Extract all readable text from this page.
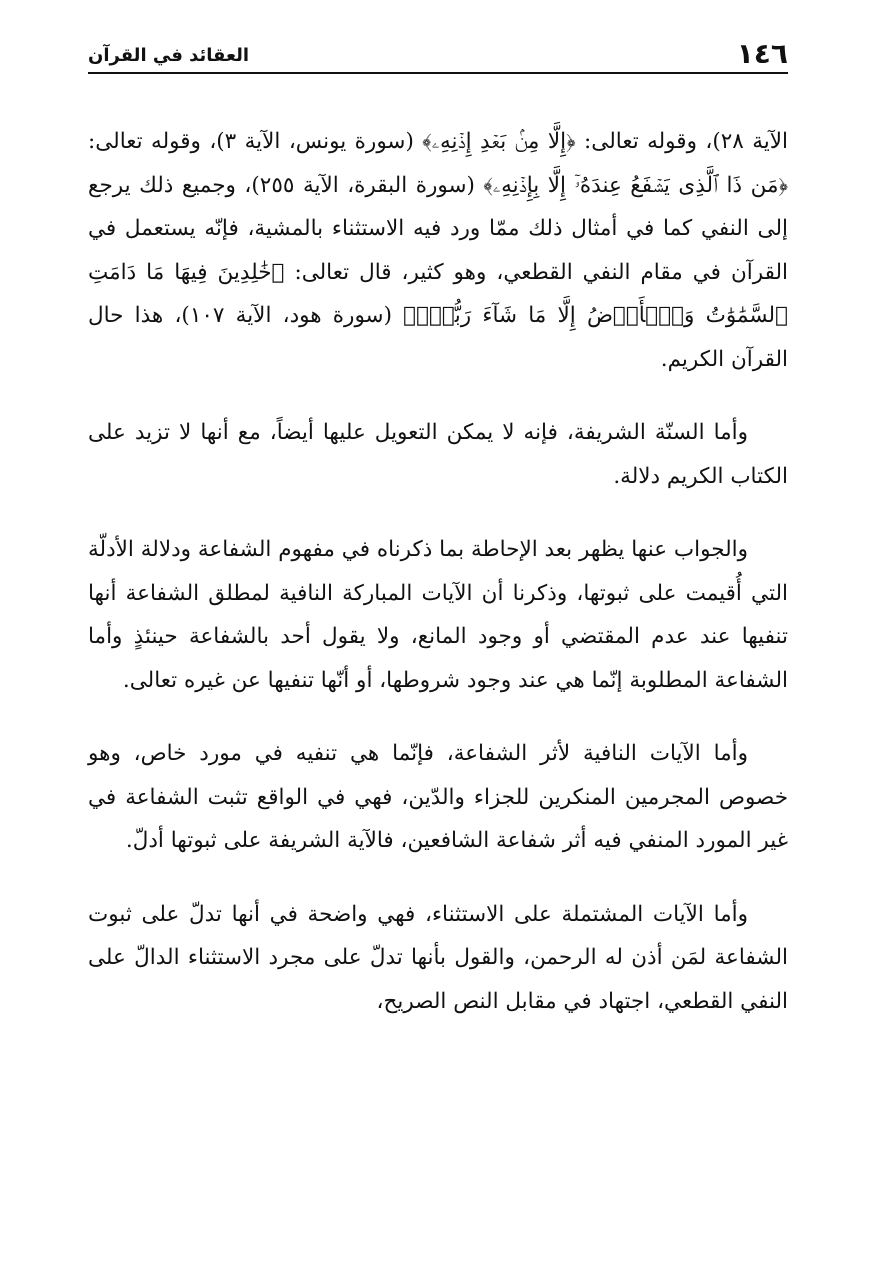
١٤٦
العقائد في القرآن

الآية ٢٨)، وقوله تعالى: ﴿إِلَّا مِنۢ بَعۡدِ إِذۡنِهِۦ﴾ (سورة يونس، الآية ٣)، وقوله تعالى: ﴿مَن ذَا ٱلَّذِى يَشۡفَعُ عِندَهُۥٓ إِلَّا بِإِذۡنِهِۦ﴾ (سورة البقرة، الآية ٢٥٥)، وجميع ذلك يرجع إلى النفي كما في أمثال ذلك ممّا ورد فيه الاستثناء بالمشية، فإنّه يستعمل في القرآن في مقام النفي القطعي، وهو كثير، قال تعالى: ﴿خَٰلِدِينَ فِيهَا مَا دَامَتِ ٱلسَّمَٰوَٰتُ وَٱلۡأَرۡضُ إِلَّا مَا شَآءَ رَبُّكَۚ﴾ (سورة هود، الآية ١٠٧)، هذا حال القرآن الكريم.

وأما السنّة الشريفة، فإنه لا يمكن التعويل عليها أيضاً، مع أنها لا تزيد على الكتاب الكريم دلالة.

والجواب عنها يظهر بعد الإحاطة بما ذكرناه في مفهوم الشفاعة ودلالة الأدلّة التي أُقيمت على ثبوتها، وذكرنا أن الآيات المباركة النافية لمطلق الشفاعة أنها تنفيها عند عدم المقتضي أو وجود المانع، ولا يقول أحد بالشفاعة حينئذٍ وأما الشفاعة المطلوبة إنّما هي عند وجود شروطها، أو أنّها تنفيها عن غيره تعالى.

وأما الآيات النافية لأثر الشفاعة، فإنّما هي تنفيه في مورد خاص، وهو خصوص المجرمين المنكرين للجزاء والدّين، فهي في الواقع تثبت الشفاعة في غير المورد المنفي فيه أثر شفاعة الشافعين، فالآية الشريفة على ثبوتها أدلّ.

وأما الآيات المشتملة على الاستثناء، فهي واضحة في أنها تدلّ على ثبوت الشفاعة لمَن أذن له الرحمن، والقول بأنها تدلّ على مجرد الاستثناء الدالّ على النفي القطعي، اجتهاد في مقابل النص الصريح،
